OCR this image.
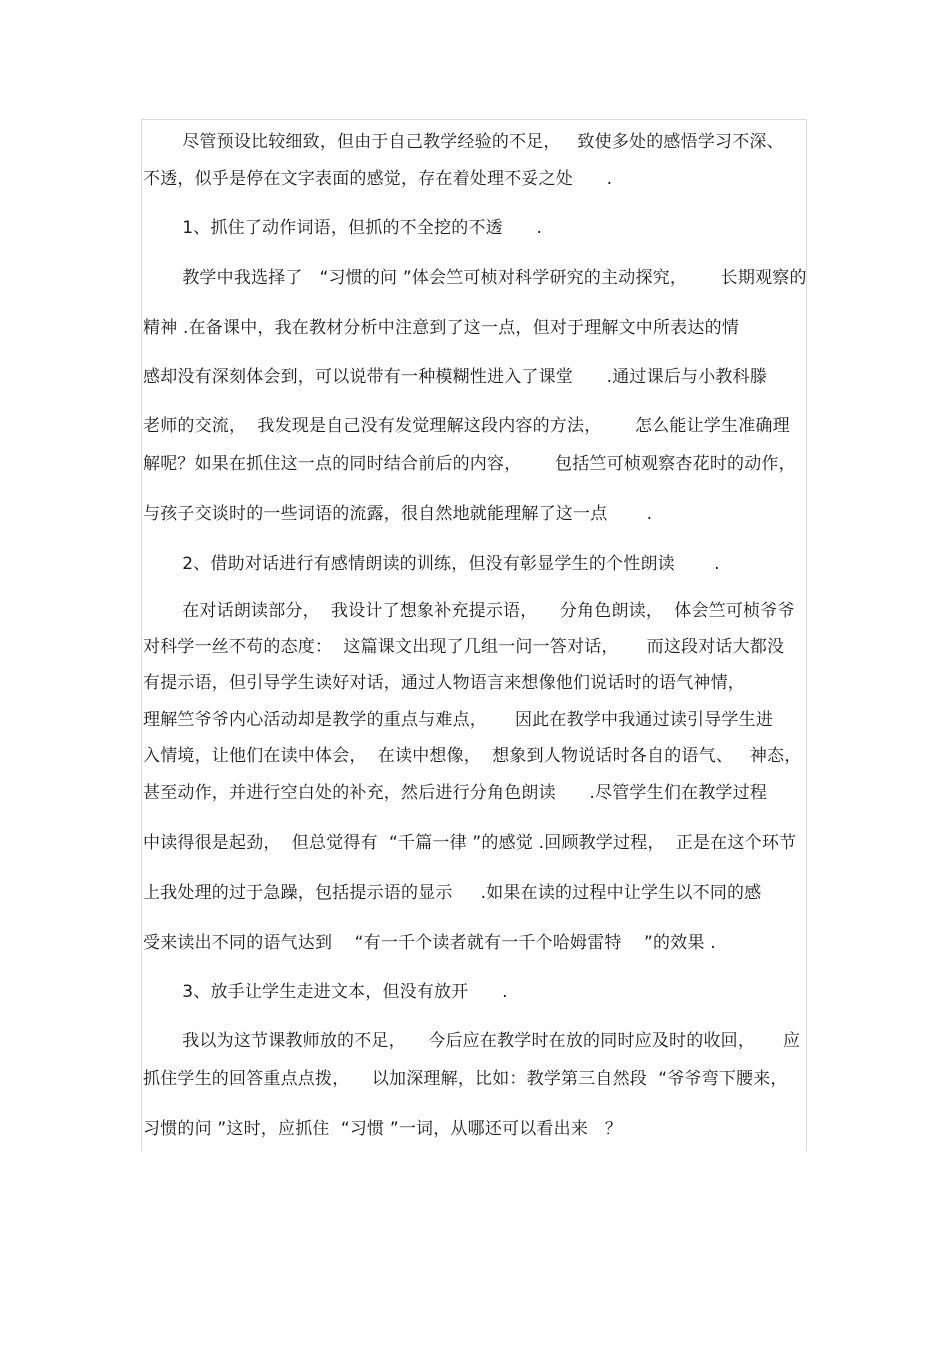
尽管预设比较细致，但由于自己教学经验的不足，   致使多处的感悟学习不深、

不透，似乎是停在文字表面的感觉，存在着处理不妥之处      .

1、抓住了动作词语，但抓的不全挖的不透      .

教学中我选择了   “习惯的问 ”体会竺可桢对科学研究的主动探究，      长期观察的

精神 .在备课中，我在教材分析中注意到了这一点，但对于理解文中所表达的情

感却没有深刻体会到，可以说带有一种模糊性进入了课堂      .通过课后与小教科滕

老师的交流，  我发现是自己没有发觉理解这段内容的方法，      怎么能让学生准确理

解呢？如果在抓住这一点的同时结合前后的内容，      包括竺可桢观察杏花时的动作，

与孩子交谈时的一些词语的流露，很自然地就能理解了这一点       .

2、借助对话进行有感情朗读的训练，但没有彰显学生的个性朗读       .

在对话朗读部分，  我设计了想象补充提示语，    分角色朗读，  体会竺可桢爷爷

对科学一丝不苟的态度：  这篇课文出现了几组一问一答对话，     而这段对话大都没

有提示语，但引导学生读好对话，通过人物语言来想像他们说话时的语气神情，

理解竺爷爷内心活动却是教学的重点与难点，     因此在教学中我通过读引导学生进

入情境，让他们在读中体会，  在读中想像，  想象到人物说话时各自的语气、   神态，

甚至动作，并进行空白处的补充，然后进行分角色朗读      .尽管学生们在教学过程

中读得很是起劲，  但总觉得有  “千篇一律 ”的感觉 .回顾教学过程，  正是在这个环节

上我处理的过于急躁，包括提示语的显示     .如果在读的过程中让学生以不同的感

受来读出不同的语气达到    “有一千个读者就有一千个哈姆雷特    ”的效果 .

3、放手让学生走进文本，但没有放开      .

我以为这节课教师放的不足，    今后应在教学时在放的同时应及时的收回，     应

抓住学生的回答重点点拨，    以加深理解，比如：教学第三自然段  “爷爷弯下腰来，

习惯的问 ”这时，应抓住  “习惯 ”一词，从哪还可以看出来   ？
